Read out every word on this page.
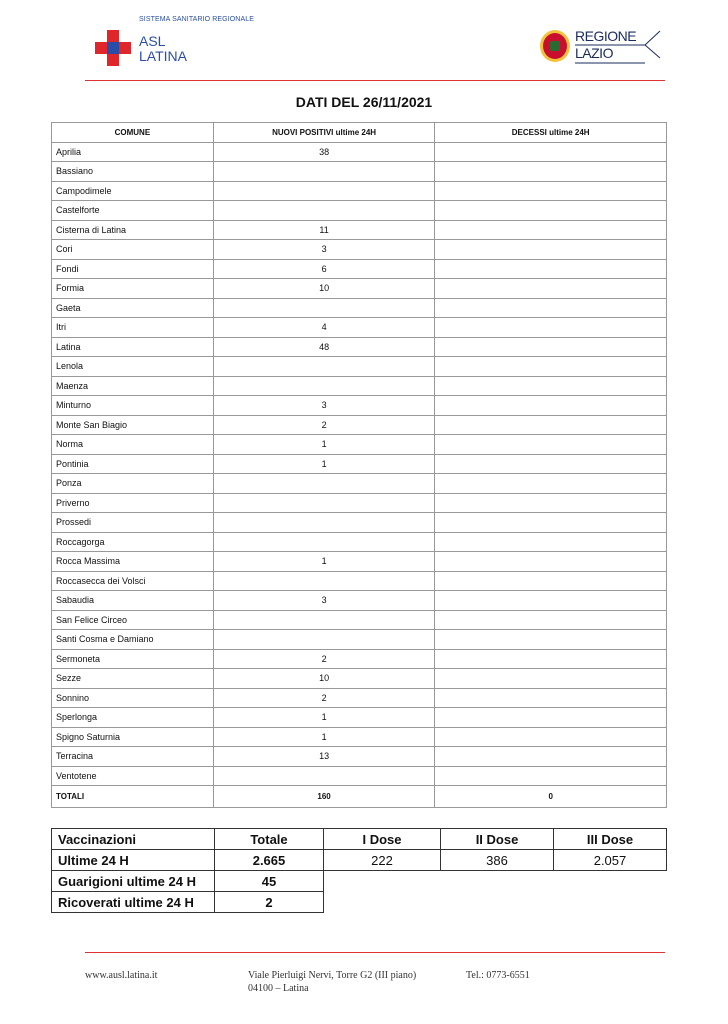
SISTEMA SANITARIO REGIONALE
ASL
LATINA
REGIONE
LAZIO
DATI DEL 26/11/2021
COMUNE	NUOVI POSITIVI ultime 24H	DECESSI ultime 24H
Aprilia	38	
Bassiano		
Campodimele		
Castelforte		
Cisterna di Latina	11	
Cori	3	
Fondi	6	
Formia	10	
Gaeta		
Itri	4	
Latina	48	
Lenola		
Maenza		
Minturno	3	
Monte San Biagio	2	
Norma	1	
Pontinia	1	
Ponza		
Priverno		
Prossedi		
Roccagorga		
Rocca Massima	1	
Roccasecca dei Volsci		
Sabaudia	3	
San Felice Circeo		
Santi Cosma e Damiano		
Sermoneta	2	
Sezze	10	
Sonnino	2	
Sperlonga	1	
Spigno Saturnia	1	
Terracina	13	
Ventotene		
TOTALI	160	0
Vaccinazioni	Totale	I Dose	II Dose	III Dose
Ultime 24 H	2.665	222	386	2.057
Guarigioni ultime 24 H	45			
Ricoverati ultime 24 H	2			
www.ausl.latina.it	Viale Pierluigi Nervi, Torre G2 (III piano)
04100 – Latina
Tel.: 0773-6551
